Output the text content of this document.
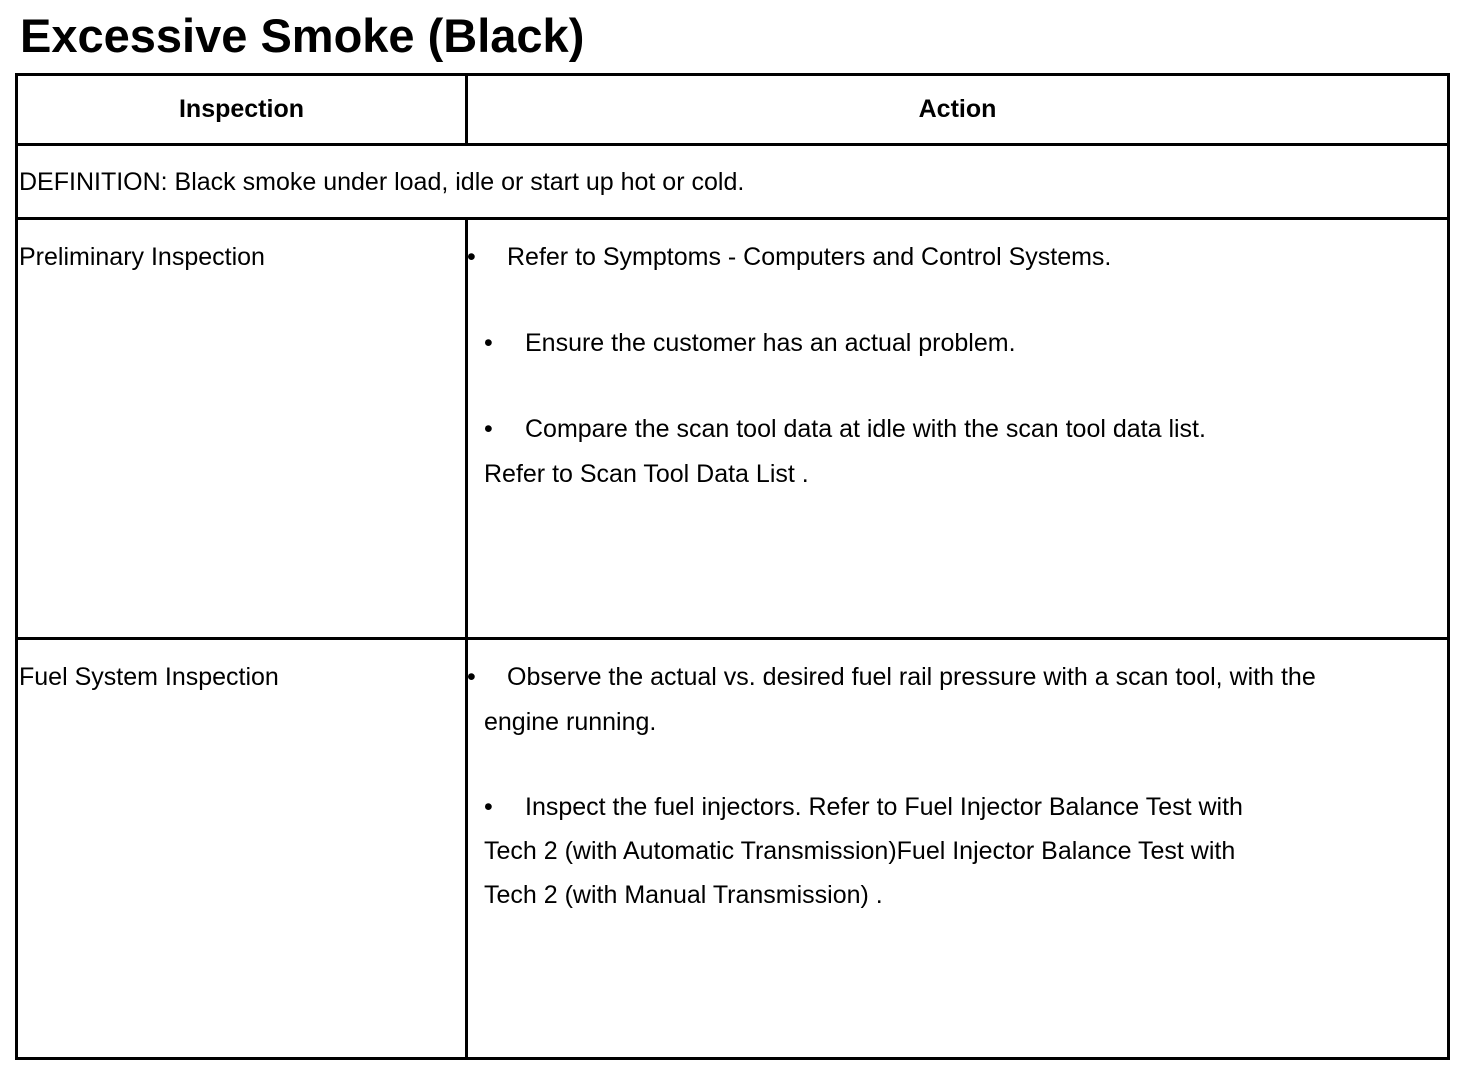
Excessive Smoke (Black)
Inspection	Action
DEFINITION: Black smoke under load, idle or start up hot or cold.
Preliminary Inspection	• Refer to Symptoms - Computers and Control Systems.
• Ensure the customer has an actual problem.
• Compare the scan tool data at idle with the scan tool data list.
Refer to Scan Tool Data List .
Fuel System Inspection	• Observe the actual vs. desired fuel rail pressure with a scan tool, with the
engine running.
• Inspect the fuel injectors. Refer to Fuel Injector Balance Test with
Tech 2 (with Automatic Transmission)Fuel Injector Balance Test with
Tech 2 (with Manual Transmission) .
